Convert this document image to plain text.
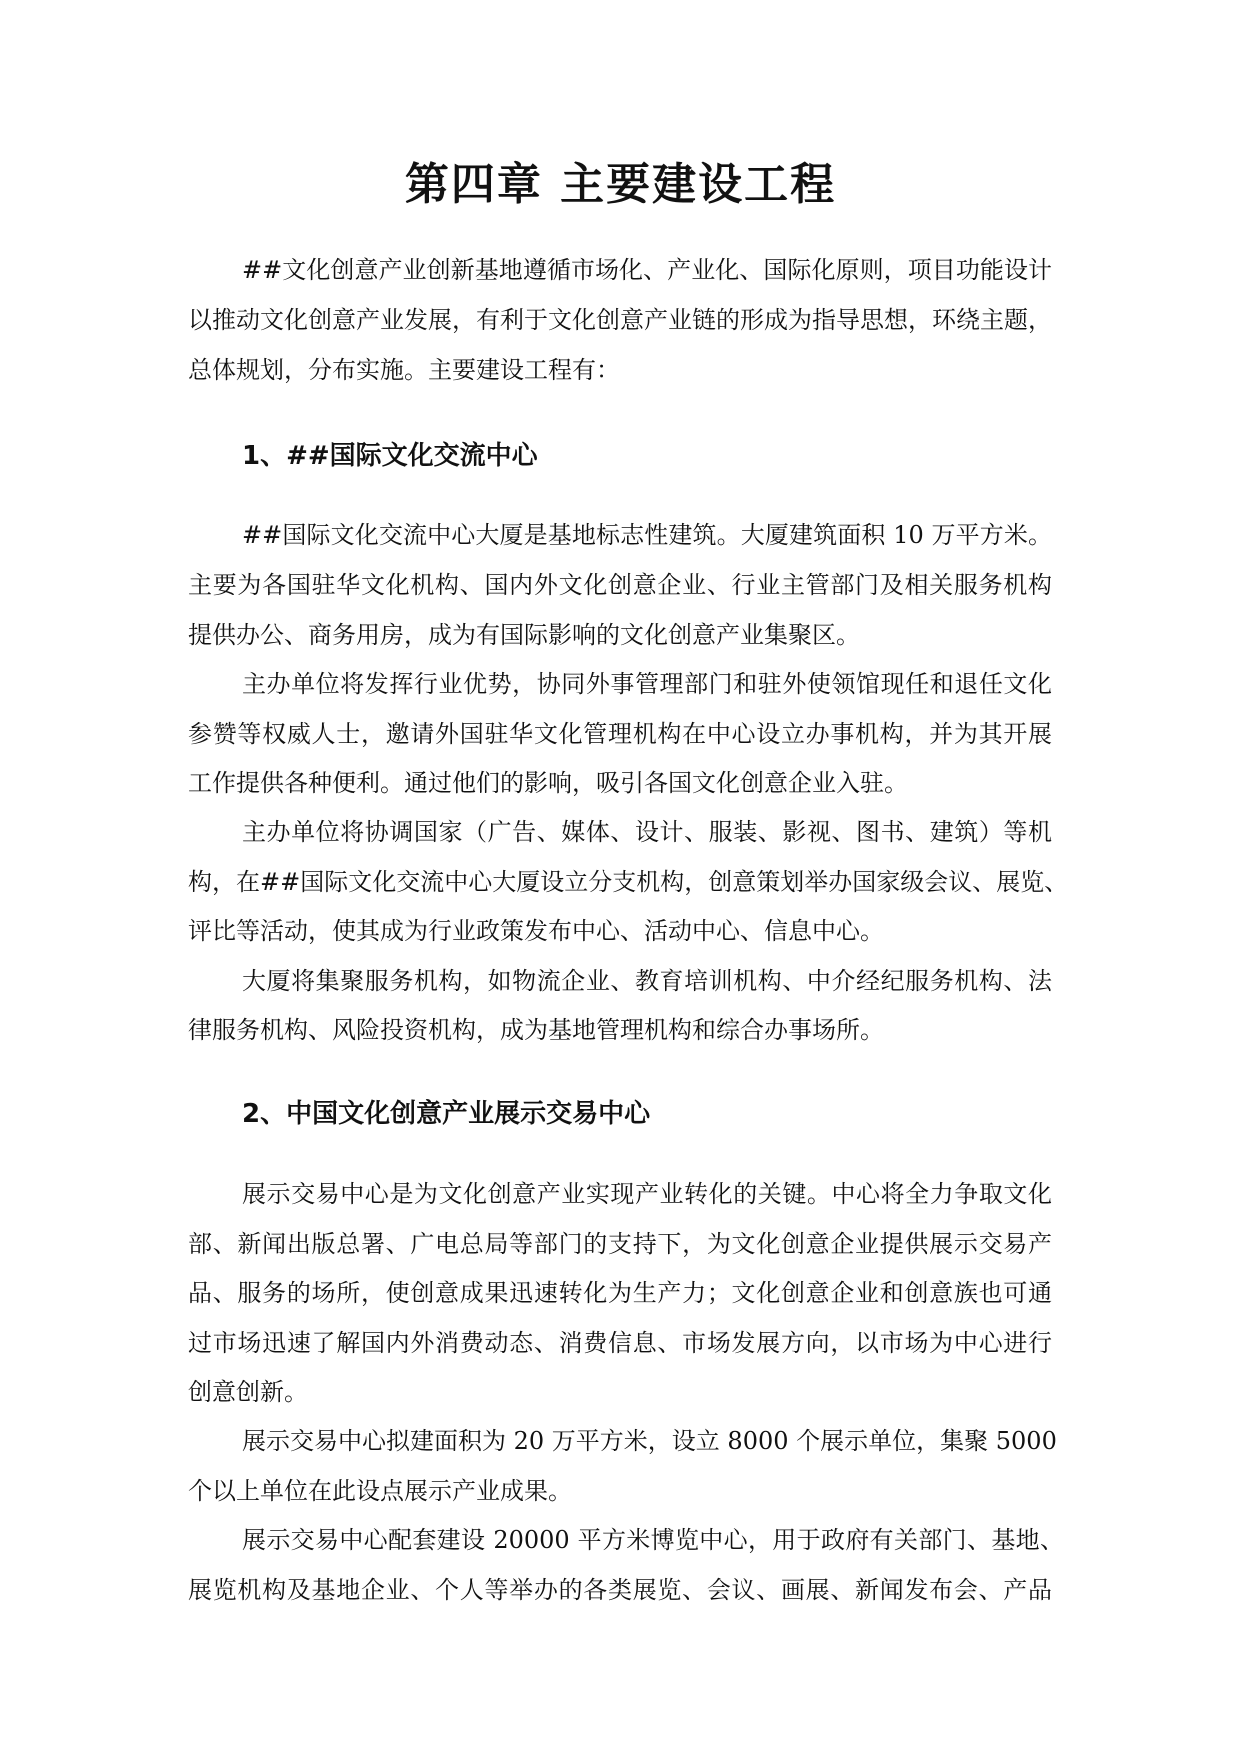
第四章 主要建设工程

##文化创意产业创新基地遵循市场化、产业化、国际化原则，项目功能设计

以推动文化创意产业发展，有利于文化创意产业链的形成为指导思想，环绕主题，

总体规划，分布实施。主要建设工程有：

1、##国际文化交流中心

##国际文化交流中心大厦是基地标志性建筑。大厦建筑面积 10 万平方米。

主要为各国驻华文化机构、国内外文化创意企业、行业主管部门及相关服务机构

提供办公、商务用房，成为有国际影响的文化创意产业集聚区。

主办单位将发挥行业优势，协同外事管理部门和驻外使领馆现任和退任文化

参赞等权威人士，邀请外国驻华文化管理机构在中心设立办事机构，并为其开展

工作提供各种便利。通过他们的影响，吸引各国文化创意企业入驻。

主办单位将协调国家（广告、媒体、设计、服装、影视、图书、建筑）等机

构，在##国际文化交流中心大厦设立分支机构，创意策划举办国家级会议、展览、

评比等活动，使其成为行业政策发布中心、活动中心、信息中心。

大厦将集聚服务机构，如物流企业、教育培训机构、中介经纪服务机构、法

律服务机构、风险投资机构，成为基地管理机构和综合办事场所。

2、中国文化创意产业展示交易中心

展示交易中心是为文化创意产业实现产业转化的关键。中心将全力争取文化

部、新闻出版总署、广电总局等部门的支持下，为文化创意企业提供展示交易产

品、服务的场所，使创意成果迅速转化为生产力；文化创意企业和创意族也可通

过市场迅速了解国内外消费动态、消费信息、市场发展方向，以市场为中心进行

创意创新。

展示交易中心拟建面积为 20 万平方米，设立 8000 个展示单位，集聚 5000

个以上单位在此设点展示产业成果。

展示交易中心配套建设 20000 平方米博览中心，用于政府有关部门、基地、

展览机构及基地企业、个人等举办的各类展览、会议、画展、新闻发布会、产品
